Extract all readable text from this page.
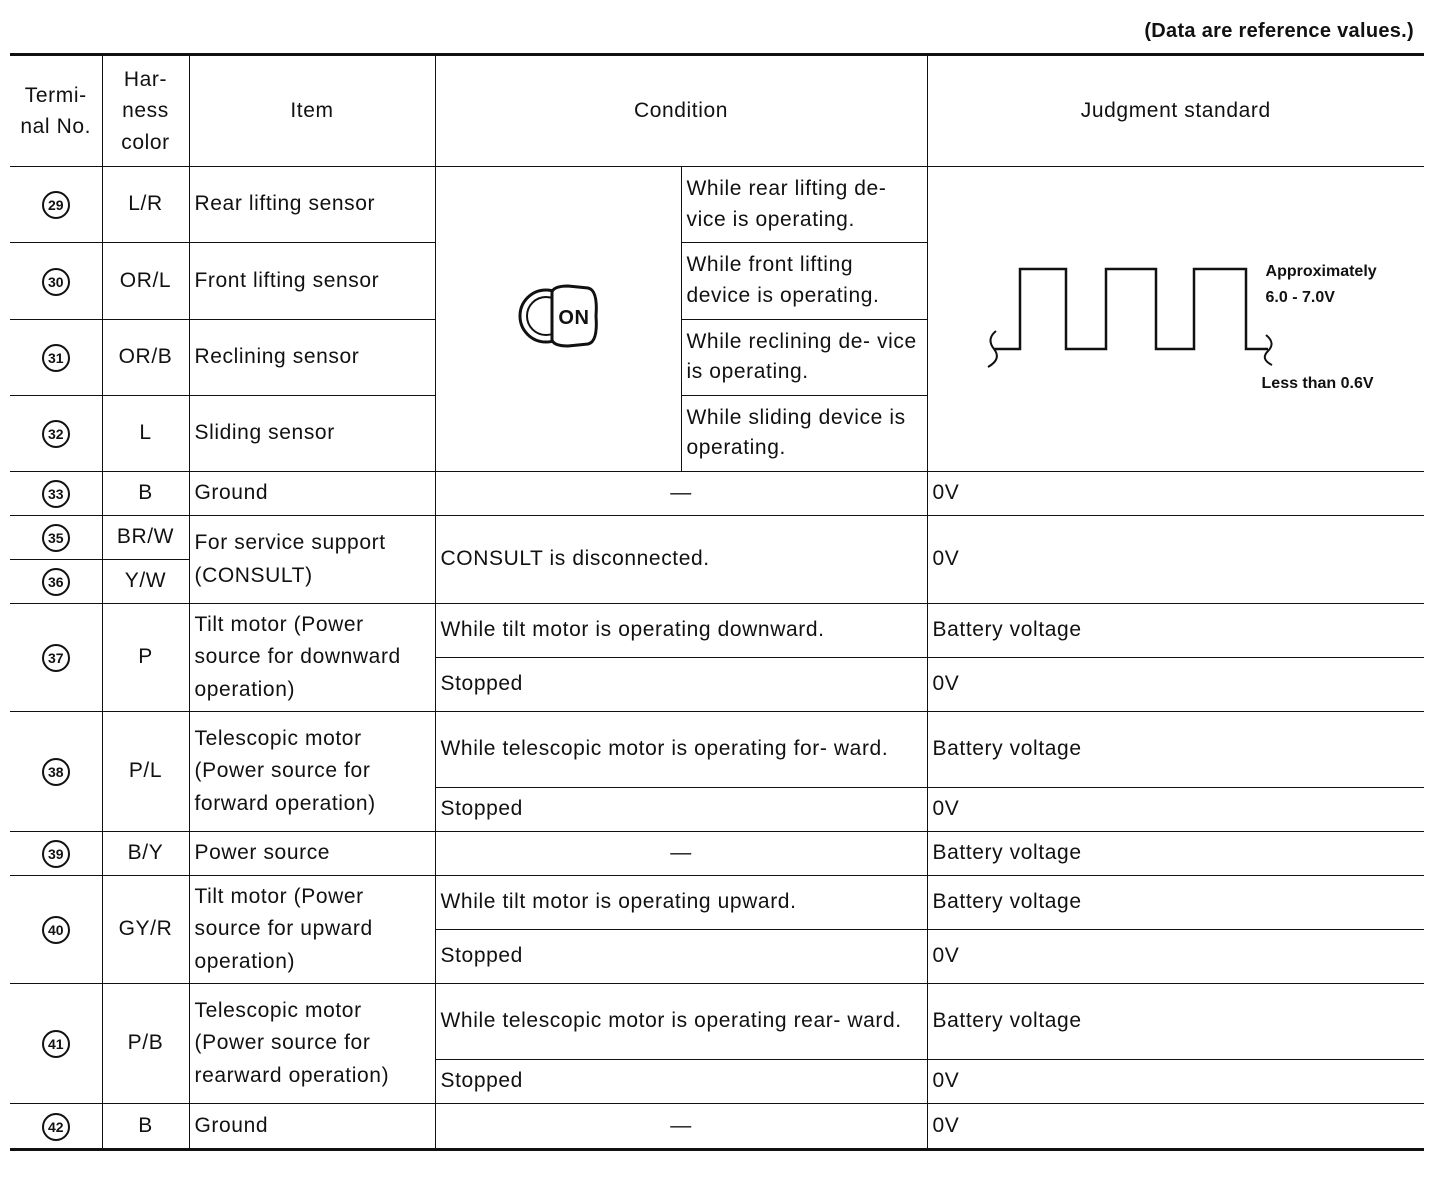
(Data are reference values.)
Termi- nal No.	Har- ness color	Item	Condition		Judgment standard
29	L/R	Rear lifting sensor	ON	While rear lifting de- vice is operating.	Approximately
6.0 - 7.0V
Less than 0.6V

30	OR/L	Front lifting sensor		While front lifting device is operating.	
31	OR/B	Reclining sensor		While reclining de- vice is operating.	
32	L	Sliding sensor		While sliding device is operating.	
33	B	Ground	—		0V
35	BR/W	For service support (CONSULT)	CONSULT is disconnected.		0V
36	Y/W				
37	P	Tilt motor (Power source for downward operation)	While tilt motor is operating downward.		Battery voltage
			Stopped		0V
38	P/L	Telescopic motor (Power source for forward operation)	While telescopic motor is operating for- ward.		Battery voltage
			Stopped		0V
39	B/Y	Power source	—		Battery voltage
40	GY/R	Tilt motor (Power source for upward operation)	While tilt motor is operating upward.		Battery voltage
			Stopped		0V
41	P/B	Telescopic motor (Power source for rearward operation)	While telescopic motor is operating rear- ward.		Battery voltage
			Stopped		0V
42	B	Ground	—		0V
